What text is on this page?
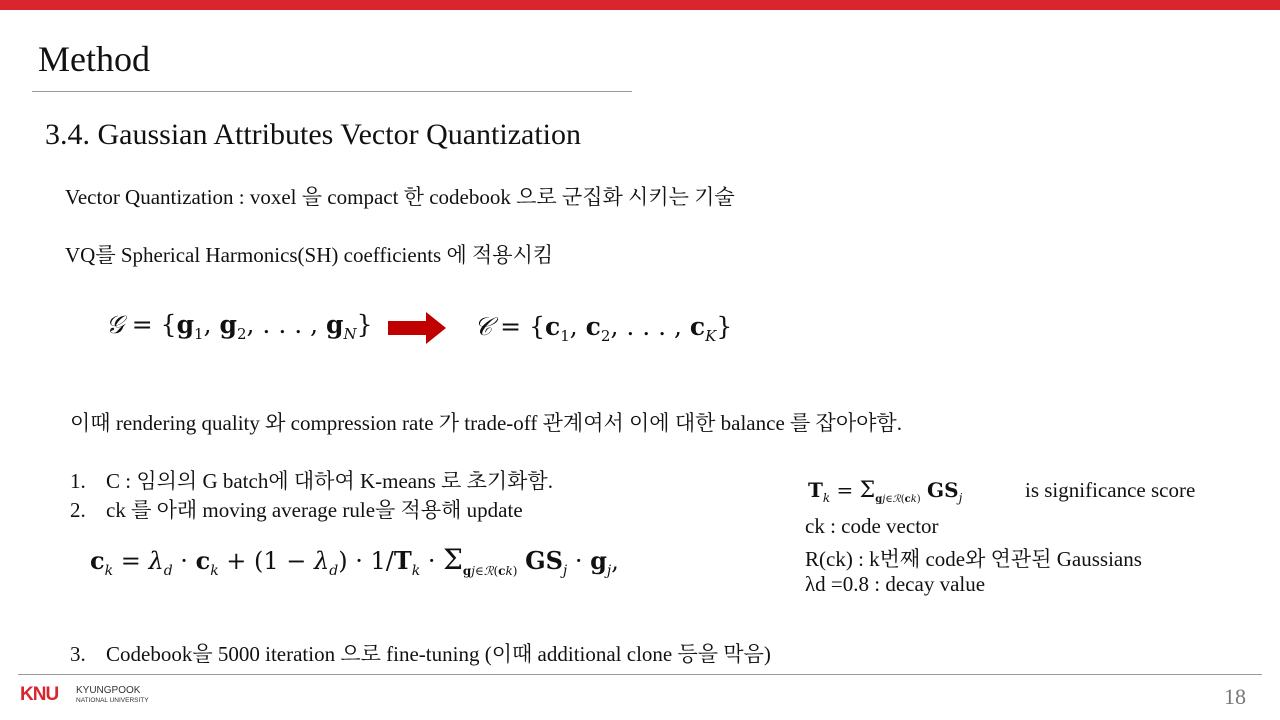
Method
3.4. Gaussian Attributes Vector Quantization
Vector Quantization : voxel 을 compact 한 codebook 으로 군집화 시키는 기술
VQ를 Spherical Harmonics(SH) coefficients 에 적용시킴
𝒢 = {$g_1$, $g_2$, . . . , $g_N$}	𝒞 = {$c_1$, $c_2$, . . . , $c_K$}
이때 rendering quality 와 compression rate 가 trade-off 관계여서 이에 대한 balance 를 잡아야함.
1. C : 임의의 G batch에 대하여 K-means 로 초기화함.
2. ck 를 아래 moving average rule을 적용해 update
$c_k = \lambda_d \cdot c_k + (1 - \lambda_d) \cdot 1/T_k \cdot \Sigma_{gj\in ℛ(ck)}$ $GS_j \cdot g_j$,
$T_k = \Sigma_{gj\in ℛ(ck)}$ $GS_j$	is significance score
ck : code vector
R(ck) : k번째 code와 연관된 Gaussians
λd =0.8 : decay value
3. Codebook을 5000 iteration 으로 fine-tuning (이때 additional clone 등을 막음)
KNU KYUNGPOOK
NATIONAL UNIVERSITY	18
